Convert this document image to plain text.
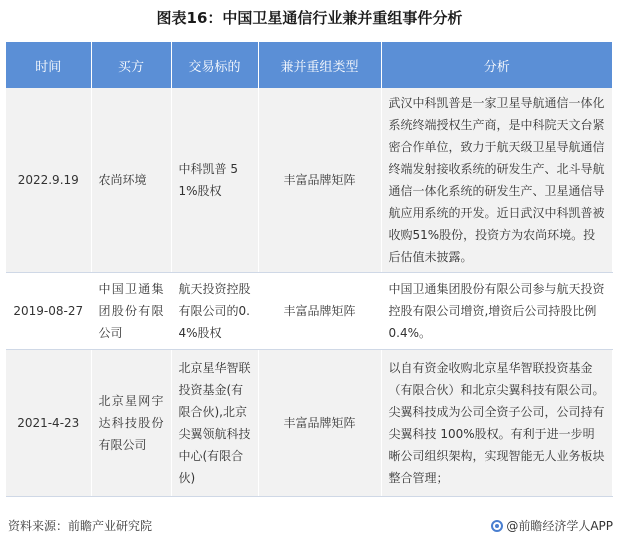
图表16：中国卫星通信行业兼并重组事件分析
时间	买方	交易标的	兼并重组类型	分析
2022.9.19	农尚环境	中科凯普 51%股权	丰富品牌矩阵	武汉中科凯普是一家卫星导航通信一体化系统终端授权生产商，是中科院天文台紧密合作单位，致力于航天级卫星导航通信终端发射接收系统的研发生产、北斗导航通信一体化系统的研发生产、卫星通信导航应用系统的开发。近日武汉中科凯普被收购51%股份，投资方为农尚环境。投后估值未披露。
2019-08-27	中国卫通集团股份有限公司	航天投资控股有限公司的0.4%股权	丰富品牌矩阵	中国卫通集团股份有限公司参与航天投资控股有限公司增资,增资后公司持股比例0.4%。
2021-4-23	北京星网宇达科技股份有限公司	北京星华智联投资基金(有限合伙),北京尖翼领航科技中心(有限合伙)	丰富品牌矩阵	以自有资金收购北京星华智联投资基金（有限合伙）和北京尖翼科技有限公司。尖翼科技成为公司全资子公司，公司持有尖翼科技 100%股权。有利于进一步明晰公司组织架构，实现智能无人业务板块整合管理；
资料来源：前瞻产业研究院	@前瞻经济学人APP
